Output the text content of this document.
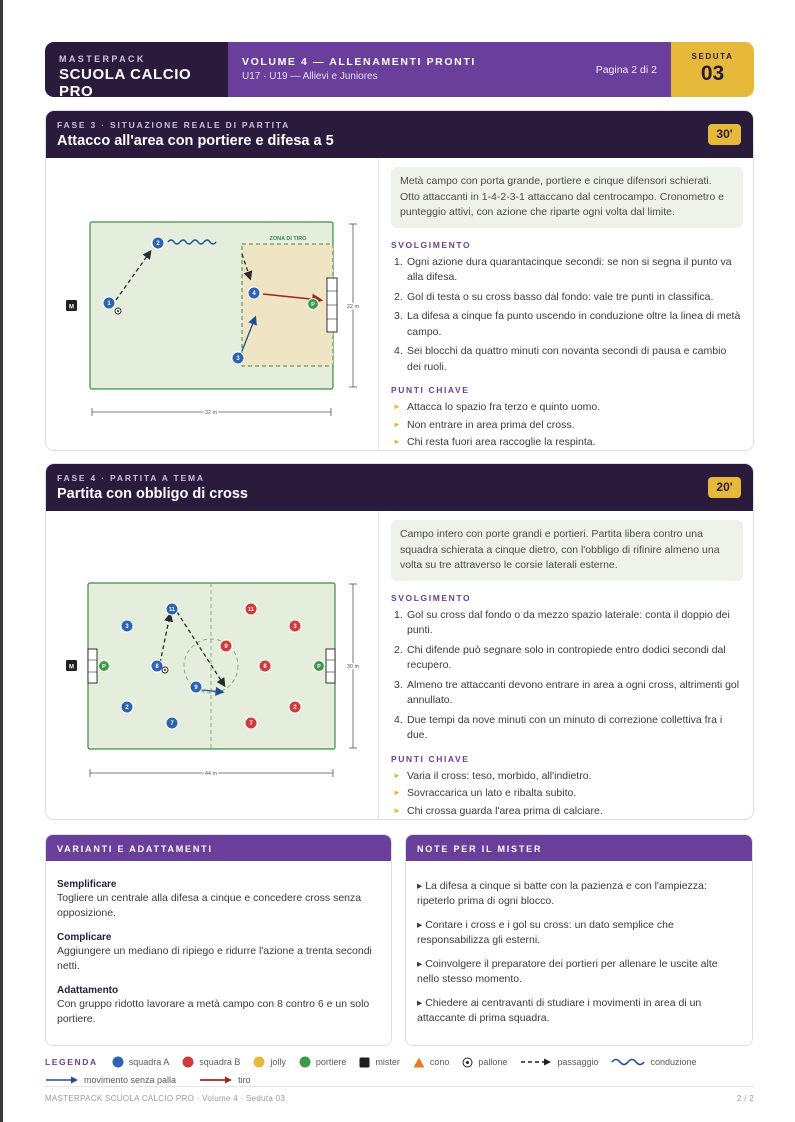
MASTERPACK
SCUOLA CALCIO PRO
VOLUME 4 — ALLENAMENTI PRONTI
U17 · U19 — Allievi e Juniores
Pagina 2 di 2
SEDUTA
03
FASE 3 · SITUAZIONE REALE DI PARTITA
Attacco all'area con portiere e difesa a 5	30'
ZONA DI TIRO
22 m
32 m
M
1
2
3
4
P
Metà campo con porta grande, portiere e cinque difensori schierati. Otto attaccanti in 1-4-2-3-1 attaccano dal centrocampo. Cronometro e punteggio attivi, con azione che riparte ogni volta dal limite.
SVOLGIMENTO
1. Ogni azione dura quarantacinque secondi: se non si segna il punto va alla difesa.
2. Gol di testa o su cross basso dal fondo: vale tre punti in classifica.
3. La difesa a cinque fa punto uscendo in conduzione oltre la linea di metà campo.
4. Sei blocchi da quattro minuti con novanta secondi di pausa e cambio dei ruoli.
PUNTI CHIAVE
► Attacca lo spazio fra terzo e quinto uomo.
► Non entrare in area prima del cross.
► Chi resta fuori area raccoglie la respinta.
FASE 4 · PARTITA A TEMA
Partita con obbligo di cross	20'
30 m
44 m
M	P	P
3
11
8
9
2
7
11
3
9
8
2
7
Campo intero con porte grandi e portieri. Partita libera contro una squadra schierata a cinque dietro, con l'obbligo di rifinire almeno una volta su tre attraverso le corsie laterali esterne.
SVOLGIMENTO
1. Gol su cross dal fondo o da mezzo spazio laterale: conta il doppio dei punti.
2. Chi difende può segnare solo in contropiede entro dodici secondi dal recupero.
3. Almeno tre attaccanti devono entrare in area a ogni cross, altrimenti gol annullato.
4. Due tempi da nove minuti con un minuto di correzione collettiva fra i due.
PUNTI CHIAVE
► Varia il cross: teso, morbido, all'indietro.
► Sovraccarica un lato e ribalta subito.
► Chi crossa guarda l'area prima di calciare.
VARIANTI E ADATTAMENTI
Semplificare
Togliere un centrale alla difesa a cinque e concedere cross senza opposizione.
Complicare
Aggiungere un mediano di ripiego e ridurre l'azione a trenta secondi netti.
Adattamento
Con gruppo ridotto lavorare a metà campo con 8 contro 6 e un solo portiere.
NOTE PER IL MISTER
▸ La difesa a cinque si batte con la pazienza e con l'ampiezza: ripeterlo prima di ogni blocco.
▸ Contare i cross e i gol su cross: un dato semplice che responsabilizza gli esterni.
▸ Coinvolgere il preparatore dei portieri per allenare le uscite alte nello stesso momento.
▸ Chiedere ai centravanti di studiare i movimenti in area di un attaccante di prima squadra.
LEGENDA	squadra A	squadra B	jolly	portiere	mister	cono	pallone	passaggio	conduzione
movimento senza palla	tiro
MASTERPACK SCUOLA CALCIO PRO · Volume 4 · Seduta 03	2 / 2
